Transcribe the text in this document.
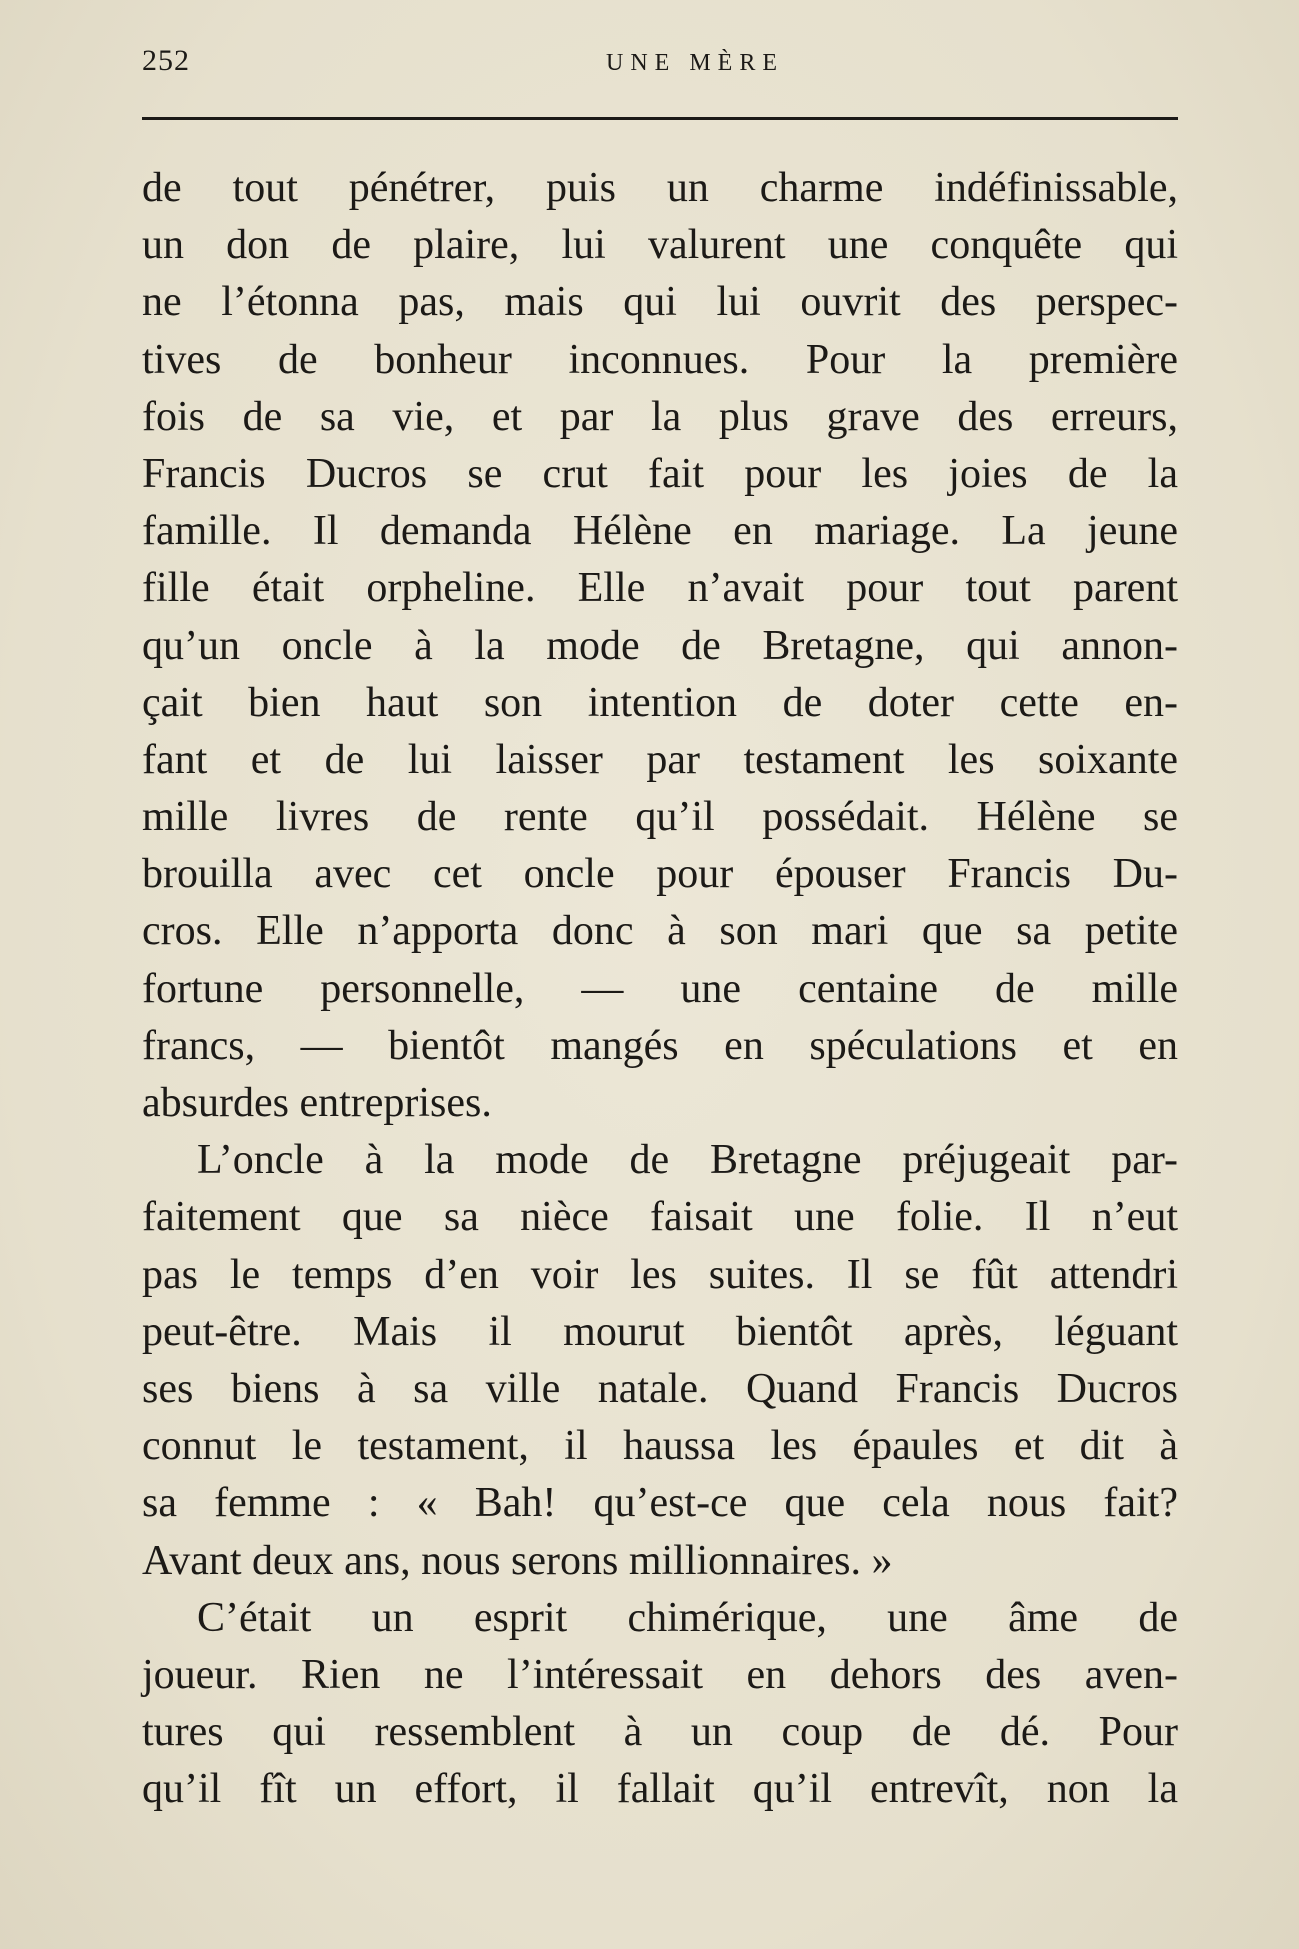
252	UNE MÈRE
de tout pénétrer, puis un charme indéfinissable,
un don de plaire, lui valurent une conquête qui
ne l’étonna pas, mais qui lui ouvrit des perspec-
tives de bonheur inconnues. Pour la première
fois de sa vie, et par la plus grave des erreurs,
Francis Ducros se crut fait pour les joies de la
famille. Il demanda Hélène en mariage. La jeune
fille était orpheline. Elle n’avait pour tout parent
qu’un oncle à la mode de Bretagne, qui annon-
çait bien haut son intention de doter cette en-
fant et de lui laisser par testament les soixante
mille livres de rente qu’il possédait. Hélène se
brouilla avec cet oncle pour épouser Francis Du-
cros. Elle n’apporta donc à son mari que sa petite
fortune personnelle, — une centaine de mille
francs, — bientôt mangés en spéculations et en
absurdes entreprises.
L’oncle à la mode de Bretagne préjugeait par-
faitement que sa nièce faisait une folie. Il n’eut
pas le temps d’en voir les suites. Il se fût attendri
peut-être. Mais il mourut bientôt après, léguant
ses biens à sa ville natale. Quand Francis Ducros
connut le testament, il haussa les épaules et dit à
sa femme : « Bah! qu’est-ce que cela nous fait?
Avant deux ans, nous serons millionnaires. »
C’était un esprit chimérique, une âme de
joueur. Rien ne l’intéressait en dehors des aven-
tures qui ressemblent à un coup de dé. Pour
qu’il fît un effort, il fallait qu’il entrevît, non la
